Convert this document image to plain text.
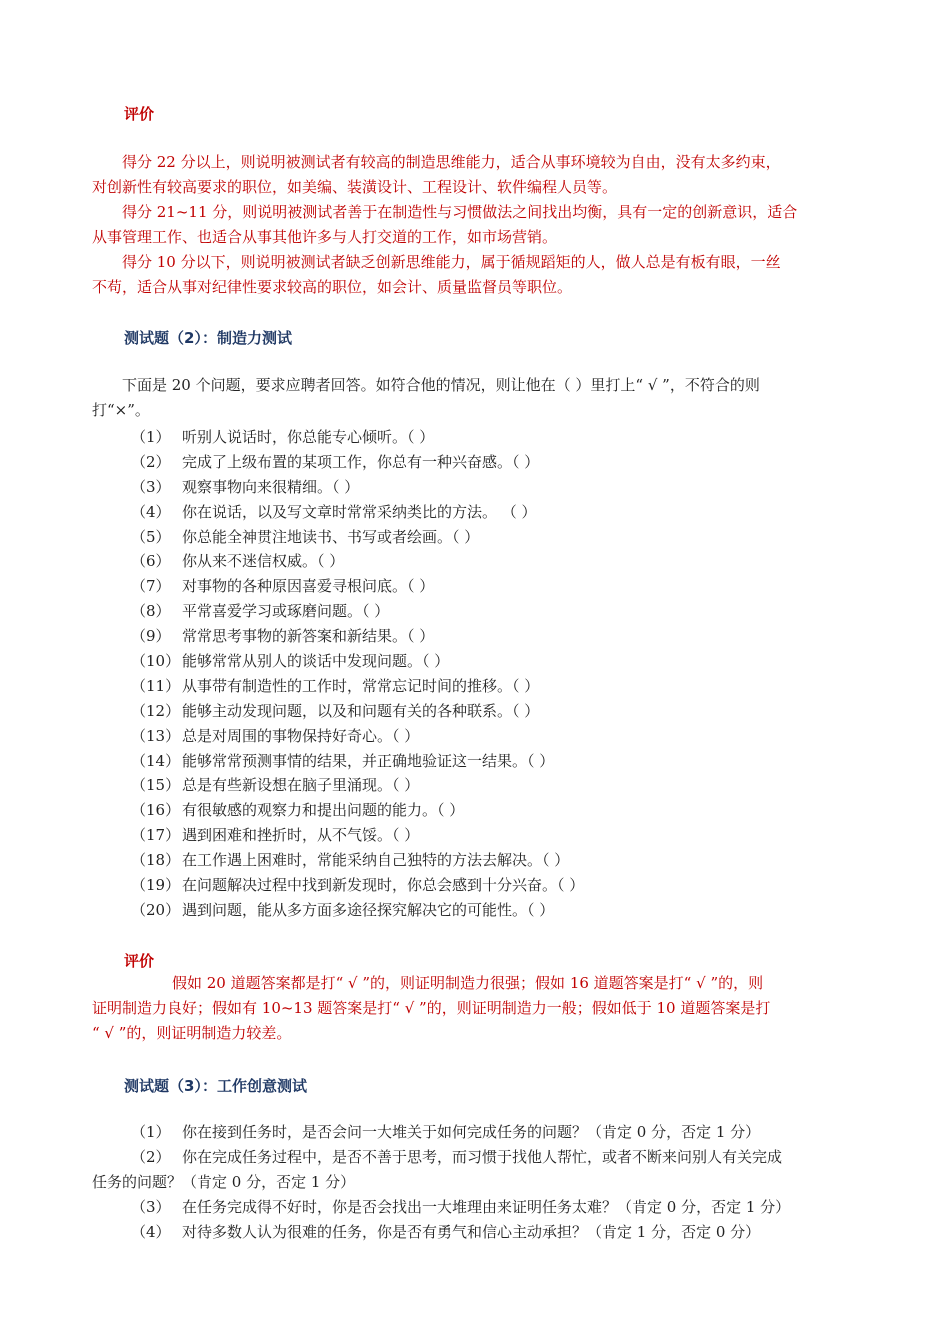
评价
得分 22 分以上，则说明被测试者有较高的制造思维能力，适合从事环境较为自由，没有太多约束，
对创新性有较高要求的职位，如美编、装潢设计、工程设计、软件编程人员等。
得分 21~11 分，则说明被测试者善于在制造性与习惯做法之间找出均衡，具有一定的创新意识，适合
从事管理工作、也适合从事其他许多与人打交道的工作，如市场营销。
得分 10 分以下，则说明被测试者缺乏创新思维能力，属于循规蹈矩的人，做人总是有板有眼，一丝
不苟，适合从事对纪律性要求较高的职位，如会计、质量监督员等职位。
测试题（2）：制造力测试
下面是 20 个问题，要求应聘者回答。如符合他的情况，则让他在（ ）里打上“ √ ”，不符合的则
打“×”。
（1） 听别人说话时，你总能专心倾听。（ ）
（2） 完成了上级布置的某项工作，你总有一种兴奋感。（ ）
（3） 观察事物向来很精细。（ ）
（4） 你在说话，以及写文章时常常采纳类比的方法。 （ ）
（5） 你总能全神贯注地读书、书写或者绘画。（ ）
（6） 你从来不迷信权威。（ ）
（7） 对事物的各种原因喜爱寻根问底。（ ）
（8） 平常喜爱学习或琢磨问题。（ ）
（9） 常常思考事物的新答案和新结果。（ ）
（10） 能够常常从别人的谈话中发现问题。（ ）
（11） 从事带有制造性的工作时，常常忘记时间的推移。（ ）
（12） 能够主动发现问题，以及和问题有关的各种联系。（ ）
（13） 总是对周围的事物保持好奇心。（ ）
（14） 能够常常预测事情的结果，并正确地验证这一结果。（ ）
（15） 总是有些新设想在脑子里涌现。（ ）
（16） 有很敏感的观察力和提出问题的能力。（ ）
（17） 遇到困难和挫折时，从不气馁。（ ）
（18） 在工作遇上困难时，常能采纳自己独特的方法去解决。（ ）
（19） 在问题解决过程中找到新发现时，你总会感到十分兴奋。（ ）
（20） 遇到问题，能从多方面多途径探究解决它的可能性。（ ）
评价
假如 20 道题答案都是打“ √ ”的，则证明制造力很强；假如 16 道题答案是打“ √ ”的，则
证明制造力良好；假如有 10~13 题答案是打“ √ ”的，则证明制造力一般；假如低于 10 道题答案是打
“ √ ”的，则证明制造力较差。
测试题（3）：工作创意测试
（1） 你在接到任务时，是否会问一大堆关于如何完成任务的问题？（肯定 0 分，否定 1 分）
（2） 你在完成任务过程中，是否不善于思考，而习惯于找他人帮忙，或者不断来问别人有关完成
任务的问题？（肯定 0 分，否定 1 分）
（3） 在任务完成得不好时，你是否会找出一大堆理由来证明任务太难？（肯定 0 分，否定 1 分）
（4） 对待多数人认为很难的任务，你是否有勇气和信心主动承担？（肯定 1 分，否定 0 分）
